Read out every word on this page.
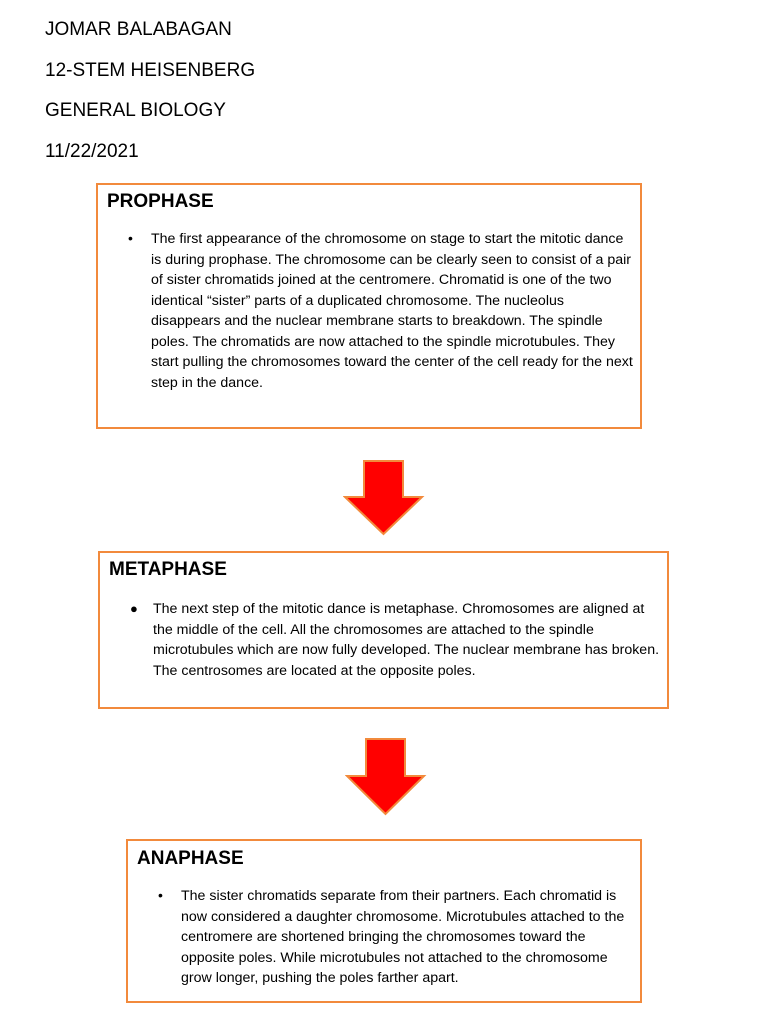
JOMAR BALABAGAN
12-STEM HEISENBERG
GENERAL BIOLOGY
11/22/2021
PROPHASE
• The first appearance of the chromosome on stage to start the mitotic dance is during prophase. The chromosome can be clearly seen to consist of a pair of sister chromatids joined at the centromere. Chromatid is one of the two identical “sister” parts of a duplicated chromosome. The nucleolus disappears and the nuclear membrane starts to breakdown. The spindle poles. The chromatids are now attached to the spindle microtubules. They start pulling the chromosomes toward the center of the cell ready for the next step in the dance.

METAPHASE
● The next step of the mitotic dance is metaphase. Chromosomes are aligned at the middle of the cell. All the chromosomes are attached to the spindle microtubules which are now fully developed. The nuclear membrane has broken. The centrosomes are located at the opposite poles.

ANAPHASE
• The sister chromatids separate from their partners. Each chromatid is now considered a daughter chromosome. Microtubules attached to the centromere are shortened bringing the chromosomes toward the opposite poles. While microtubules not attached to the chromosome grow longer, pushing the poles farther apart.
